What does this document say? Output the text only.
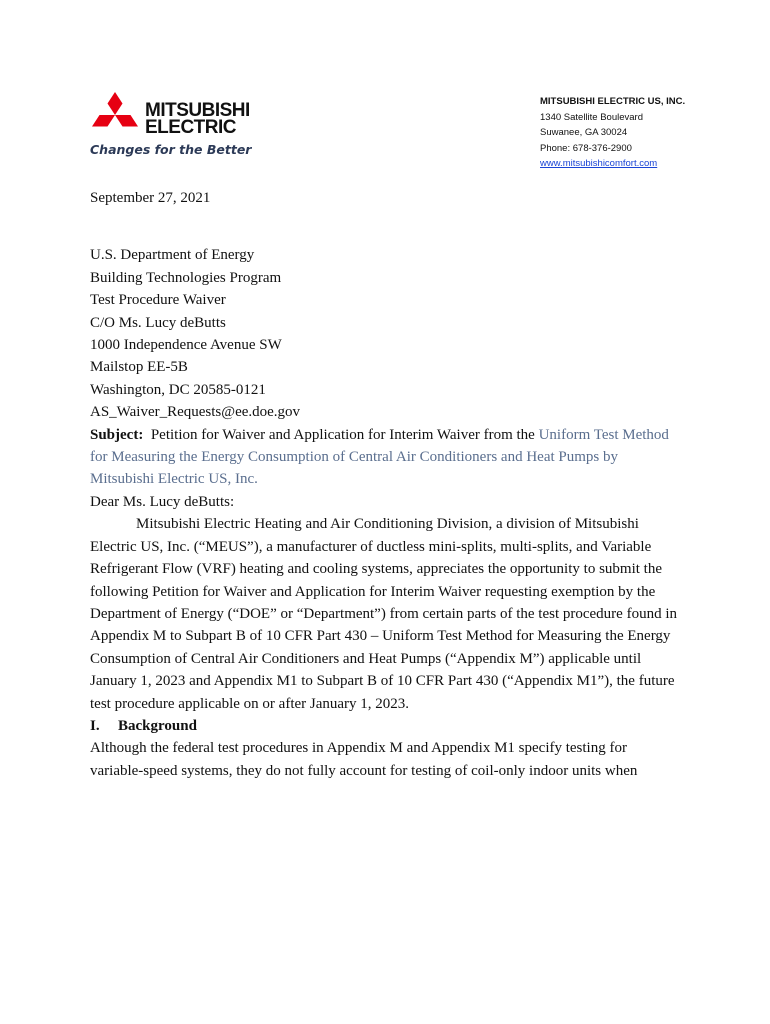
MITSUBISHI
ELECTRIC
Changes for the Better
MITSUBISHI ELECTRIC US, INC.
1340 Satellite Boulevard
Suwanee, GA 30024
Phone: 678-376-2900
www.mitsubishicomfort.com

September 27, 2021

U.S. Department of Energy
Building Technologies Program
Test Procedure Waiver
C/O Ms. Lucy deButts
1000 Independence Avenue SW
Mailstop EE-5B
Washington, DC 20585-0121
AS_Waiver_Requests@ee.doe.gov

Subject: Petition for Waiver and Application for Interim Waiver from the Uniform Test Method for Measuring the Energy Consumption of Central Air Conditioners and Heat Pumps by Mitsubishi Electric US, Inc.

Dear Ms. Lucy deButts:

Mitsubishi Electric Heating and Air Conditioning Division, a division of Mitsubishi Electric US, Inc. (“MEUS”), a manufacturer of ductless mini-splits, multi-splits, and Variable Refrigerant Flow (VRF) heating and cooling systems, appreciates the opportunity to submit the following Petition for Waiver and Application for Interim Waiver requesting exemption by the Department of Energy (“DOE” or “Department”) from certain parts of the test procedure found in Appendix M to Subpart B of 10 CFR Part 430 – Uniform Test Method for Measuring the Energy Consumption of Central Air Conditioners and Heat Pumps (“Appendix M”) applicable until January 1, 2023 and Appendix M1 to Subpart B of 10 CFR Part 430 (“Appendix M1”), the future test procedure applicable on or after January 1, 2023.

I. Background

Although the federal test procedures in Appendix M and Appendix M1 specify testing for variable-speed systems, they do not fully account for testing of coil-only indoor units when
